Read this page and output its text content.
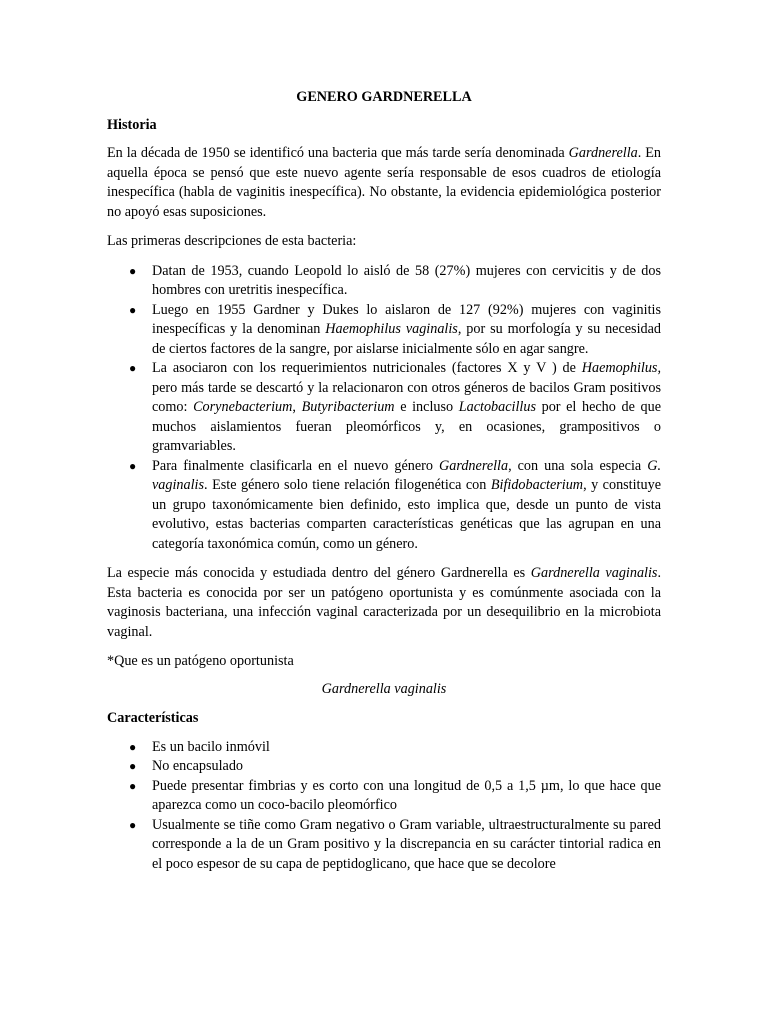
GENERO GARDNERELLA
Historia

En la década de 1950 se identificó una bacteria que más tarde sería denominada Gardnerella. En aquella época se pensó que este nuevo agente sería responsable de esos cuadros de etiología inespecífica (habla de vaginitis inespecífica). No obstante, la evidencia epidemiológica posterior no apoyó esas suposiciones.

Las primeras descripciones de esta bacteria:

● Datan de 1953, cuando Leopold lo aisló de 58 (27%) mujeres con cervicitis y de dos hombres con uretritis inespecífica.
● Luego en 1955 Gardner y Dukes lo aislaron de 127 (92%) mujeres con vaginitis inespecíficas y la denominan Haemophilus vaginalis, por su morfología y su necesidad de ciertos factores de la sangre, por aislarse inicialmente sólo en agar sangre.
● La asociaron con los requerimientos nutricionales (factores X y V ) de Haemophilus, pero más tarde se descartó y la relacionaron con otros géneros de bacilos Gram positivos como: Corynebacterium, Butyribacterium e incluso Lactobacillus por el hecho de que muchos aislamientos fueran pleomórficos y, en ocasiones, grampositivos o gramvariables.
● Para finalmente clasificarla en el nuevo género Gardnerella, con una sola especia G. vaginalis. Este género solo tiene relación filogenética con Bifidobacterium, y constituye un grupo taxonómicamente bien definido, esto implica que, desde un punto de vista evolutivo, estas bacterias comparten características genéticas que las agrupan en una categoría taxonómica común, como un género.

La especie más conocida y estudiada dentro del género Gardnerella es Gardnerella vaginalis. Esta bacteria es conocida por ser un patógeno oportunista y es comúnmente asociada con la vaginosis bacteriana, una infección vaginal caracterizada por un desequilibrio en la microbiota vaginal.

*Que es un patógeno oportunista

Gardnerella vaginalis

Características
● Es un bacilo inmóvil
● No encapsulado
● Puede presentar fimbrias y es corto con una longitud de 0,5 a 1,5 µm, lo que hace que aparezca como un coco-bacilo pleomórfico
● Usualmente se tiñe como Gram negativo o Gram variable, ultraestructuralmente su pared corresponde a la de un Gram positivo y la discrepancia en su carácter tintorial radica en el poco espesor de su capa de peptidoglicano, que hace que se decolore
